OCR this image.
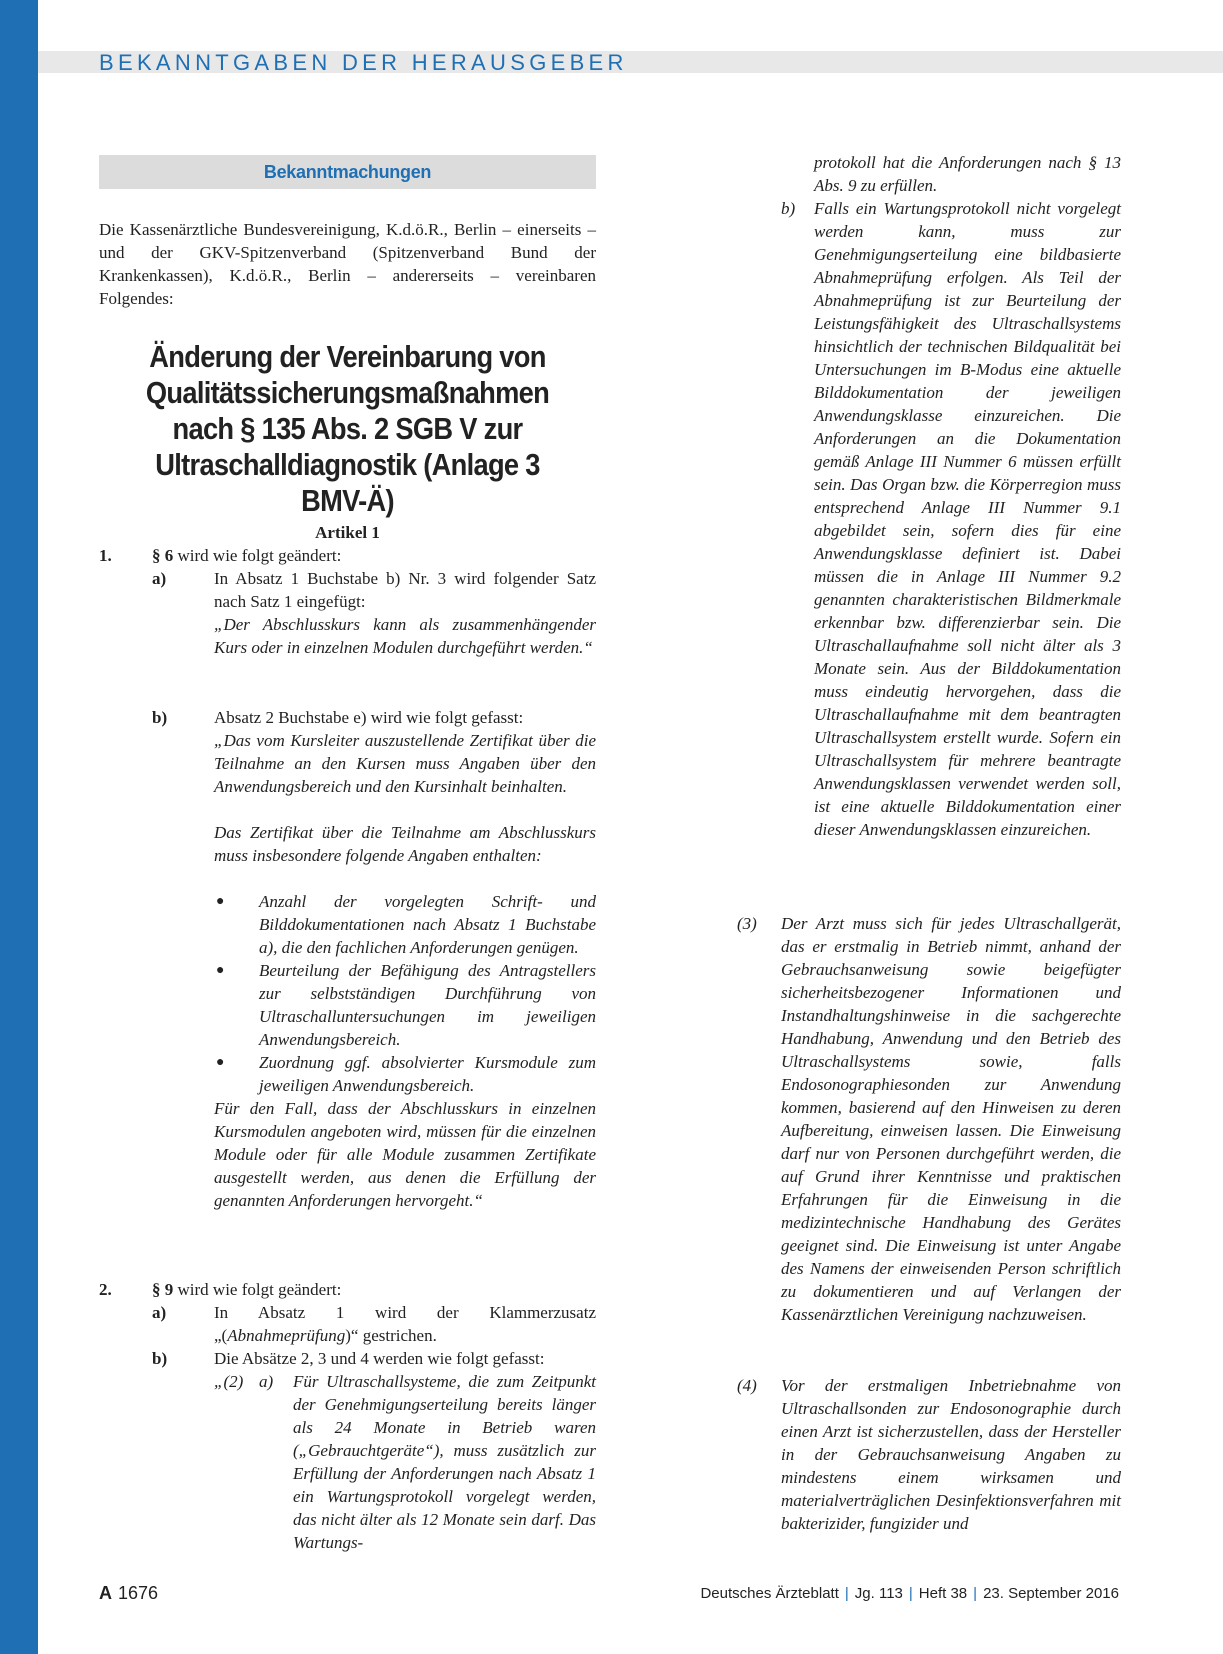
BEKANNTGABEN DER HERAUSGEBER
Bekanntmachungen

Die Kassenärztliche Bundesvereinigung, K.d.ö.R., Berlin – einerseits – und der GKV-Spitzenverband (Spitzenverband Bund der Krankenkassen), K.d.ö.R., Berlin – andererseits – vereinbaren Folgendes:

Änderung der Vereinbarung von Qualitätssicherungsmaßnahmen nach § 135 Abs. 2 SGB V zur Ultraschalldiagnostik (Anlage 3 BMV-Ä)
Artikel 1
1. § 6 wird wie folgt geändert:
a)	In Absatz 1 Buchstabe b) Nr. 3 wird folgender Satz nach Satz 1 eingefügt:

„Der Abschlusskurs kann als zusammenhängender Kurs oder in einzelnen Modulen durchgeführt werden.“

b)	Absatz 2 Buchstabe e) wird wie folgt gefasst:

„Das vom Kursleiter auszustellende Zertifikat über die Teilnahme an den Kursen muss Angaben über den Anwendungsbereich und den Kursinhalt beinhalten.

Das Zertifikat über die Teilnahme am Abschlusskurs muss insbesondere folgende Angaben enthalten:

● Anzahl der vorgelegten Schrift- und Bilddokumentationen nach Absatz 1 Buchstabe a), die den fachlichen Anforderungen genügen.

● Beurteilung der Befähigung des Antragstellers zur selbstständigen Durchführung von Ultraschalluntersuchungen im jeweiligen Anwendungsbereich.

● Zuordnung ggf. absolvierter Kursmodule zum jeweiligen Anwendungsbereich.

Für den Fall, dass der Abschlusskurs in einzelnen Kursmodulen angeboten wird, müssen für die einzelnen Module oder für alle Module zusammen Zertifikate ausgestellt werden, aus denen die Erfüllung der genannten Anforderungen hervorgeht.“

2. § 9 wird wie folgt geändert:
a)	In Absatz 1 wird der Klammerzusatz „(Abnahmeprüfung)“ gestrichen.

b)	Die Absätze 2, 3 und 4 werden wie folgt gefasst:

„(2) a) Für Ultraschallsysteme, die zum Zeitpunkt der Genehmigungserteilung bereits länger als 24 Monate in Betrieb waren („Gebrauchtgeräte“), muss zusätzlich zur Erfüllung der Anforderungen nach Absatz 1 ein Wartungsprotokoll vorgelegt werden, das nicht älter als 12 Monate sein darf. Das Wartungs-

protokoll hat die Anforderungen nach § 13 Abs. 9 zu erfüllen.

b) Falls ein Wartungsprotokoll nicht vorgelegt werden kann, muss zur Genehmigungserteilung eine bildbasierte Abnahmeprüfung erfolgen. Als Teil der Abnahmeprüfung ist zur Beurteilung der Leistungsfähigkeit des Ultraschallsystems hinsichtlich der technischen Bildqualität bei Untersuchungen im B-Modus eine aktuelle Bilddokumentation der jeweiligen Anwendungsklasse einzureichen. Die Anforderungen an die Dokumentation gemäß Anlage III Nummer 6 müssen erfüllt sein. Das Organ bzw. die Körperregion muss entsprechend Anlage III Nummer 9.1 abgebildet sein, sofern dies für eine Anwendungsklasse definiert ist. Dabei müssen die in Anlage III Nummer 9.2 genannten charakteristischen Bildmerkmale erkennbar bzw. differenzierbar sein. Die Ultraschallaufnahme soll nicht älter als 3 Monate sein. Aus der Bilddokumentation muss eindeutig hervorgehen, dass die Ultraschallaufnahme mit dem beantragten Ultraschallsystem erstellt wurde. Sofern ein Ultraschallsystem für mehrere beantragte Anwendungsklassen verwendet werden soll, ist eine aktuelle Bilddokumentation einer dieser Anwendungsklassen einzureichen.

(3) Der Arzt muss sich für jedes Ultraschallgerät, das er erstmalig in Betrieb nimmt, anhand der Gebrauchsanweisung sowie beigefügter sicherheitsbezogener Informationen und Instandhaltungshinweise in die sachgerechte Handhabung, Anwendung und den Betrieb des Ultraschallsystems sowie, falls Endosonographiesonden zur Anwendung kommen, basierend auf den Hinweisen zu deren Aufbereitung, einweisen lassen. Die Einweisung darf nur von Personen durchgeführt werden, die auf Grund ihrer Kenntnisse und praktischen Erfahrungen für die Einweisung in die medizintechnische Handhabung des Gerätes geeignet sind. Die Einweisung ist unter Angabe des Namens der einweisenden Person schriftlich zu dokumentieren und auf Verlangen der Kassenärztlichen Vereinigung nachzuweisen.

(4) Vor der erstmaligen Inbetriebnahme von Ultraschallsonden zur Endosonographie durch einen Arzt ist sicherzustellen, dass der Hersteller in der Gebrauchsanweisung Angaben zu mindestens einem wirksamen und materialverträglichen Desinfektionsverfahren mit bakterizider, fungizider und

A 1676	Deutsches Ärzteblatt | Jg. 113 | Heft 38 | 23. September 2016
